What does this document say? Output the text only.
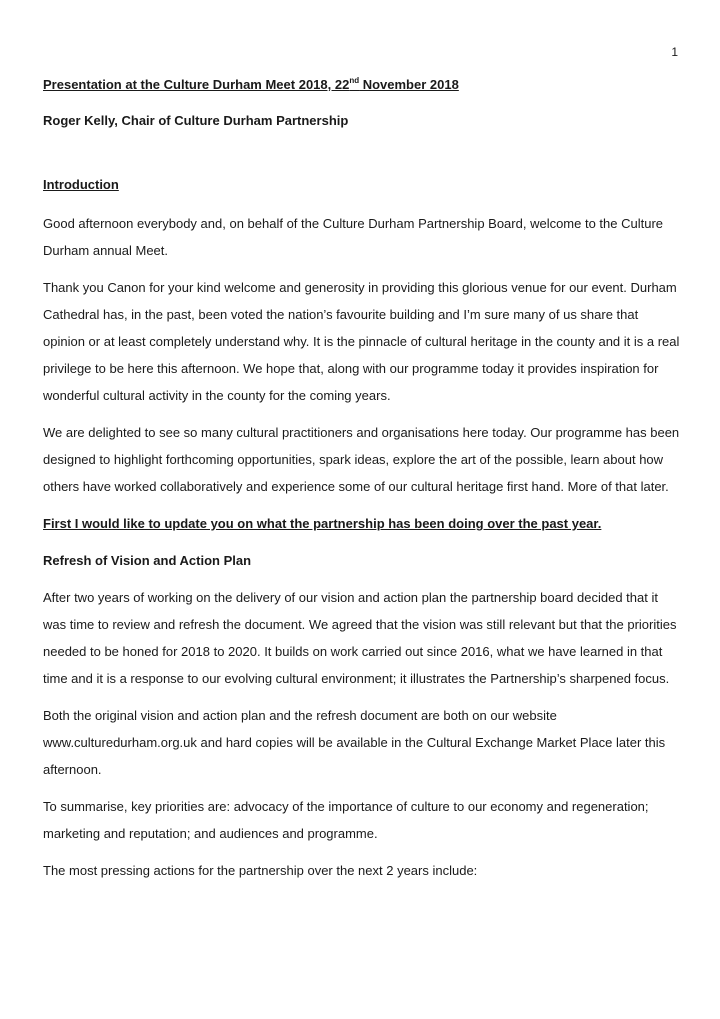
1
Presentation at the Culture Durham Meet 2018, 22nd November 2018
Roger Kelly, Chair of Culture Durham Partnership
Introduction

Good afternoon everybody and, on behalf of the Culture Durham Partnership Board, welcome to the Culture Durham annual Meet.

Thank you Canon for your kind welcome and generosity in providing this glorious venue for our event. Durham Cathedral has, in the past, been voted the nation’s favourite building and I’m sure many of us share that opinion or at least completely understand why. It is the pinnacle of cultural heritage in the county and it is a real privilege to be here this afternoon. We hope that, along with our programme today it provides inspiration for wonderful cultural activity in the county for the coming years.

We are delighted to see so many cultural practitioners and organisations here today. Our programme has been designed to highlight forthcoming opportunities, spark ideas, explore the art of the possible, learn about how others have worked collaboratively and experience some of our cultural heritage first hand. More of that later.

First I would like to update you on what the partnership has been doing over the past year.

Refresh of Vision and Action Plan

After two years of working on the delivery of our vision and action plan the partnership board decided that it was time to review and refresh the document. We agreed that the vision was still relevant but that the priorities needed to be honed for 2018 to 2020. It builds on work carried out since 2016, what we have learned in that time and it is a response to our evolving cultural environment; it illustrates the Partnership’s sharpened focus.

Both the original vision and action plan and the refresh document are both on our website www.culturedurham.org.uk and hard copies will be available in the Cultural Exchange Market Place later this afternoon.

To summarise, key priorities are: advocacy of the importance of culture to our economy and regeneration; marketing and reputation; and audiences and programme.

The most pressing actions for the partnership over the next 2 years include:
